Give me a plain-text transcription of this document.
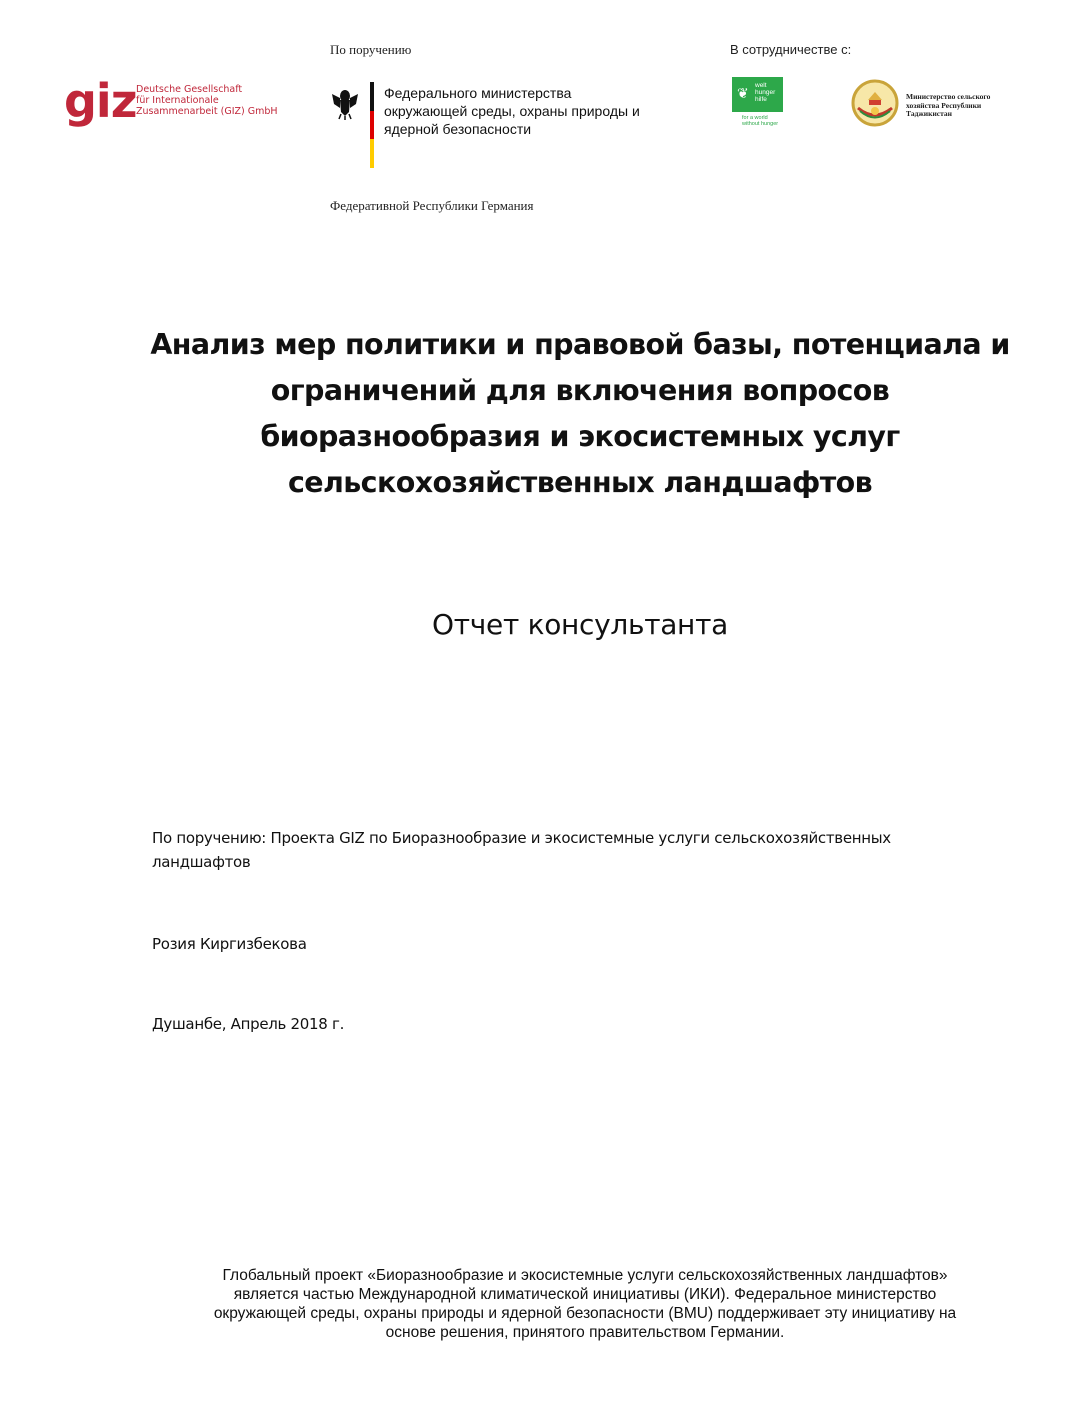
giz Deutsche Gesellschaft
für Internationale
Zusammenarbeit (GIZ) GmbH
По поручению
Федерального министерства
окружающей среды, охраны природы и
ядерной безопасности
Федеративной Республики Германия
В сотрудничестве с:
❦ welt
hunger
hilfe
for a world
without hunger
Министерство сельского
хозяйства Республики
Таджикистан
Анализ мер политики и правовой базы, потенциала и
ограничений для включения вопросов
биоразнообразия и экосистемных услуг
сельскохозяйственных ландшафтов
Отчет консультанта
По поручению: Проекта GIZ по Биоразнообразие и экосистемные услуги сельскохозяйственных ландшафтов
Розия Киргизбекова
Душанбе, Апрель 2018 г.
Глобальный проект «Биоразнообразие и экосистемные услуги сельскохозяйственных ландшафтов»
является частью Международной климатической инициативы (ИКИ). Федеральное министерство
окружающей среды, охраны природы и ядерной безопасности (BMU) поддерживает эту инициативу на
основе решения, принятого правительством Германии.
